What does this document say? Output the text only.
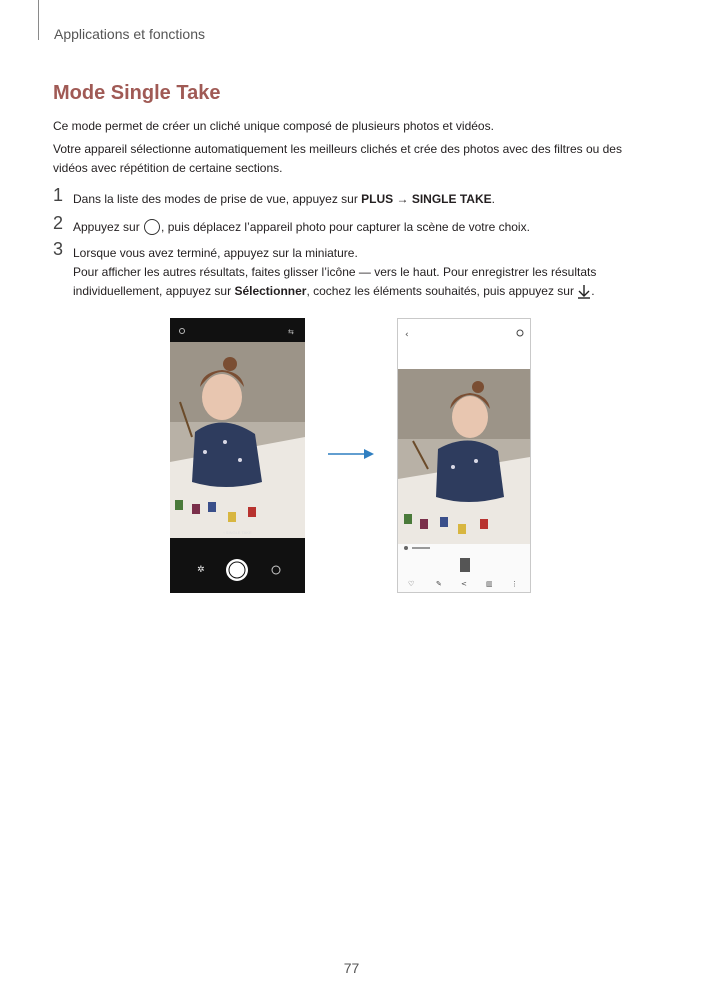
Applications et fonctions
Mode Single Take
Ce mode permet de créer un cliché unique composé de plusieurs photos et vidéos.
Votre appareil sélectionne automatiquement les meilleurs clichés et crée des photos avec des filtres ou des vidéos avec répétition de certaine sections.
1 Dans la liste des modes de prise de vue, appuyez sur PLUS → SINGLE TAKE.
2 Appuyez sur , puis déplacez l’appareil photo pour capturer la scène de votre choix.
3 Lorsque vous avez terminé, appuyez sur la miniature.
Pour afficher les autres résultats, faites glisser l’icône — vers le haut. Pour enregistrer les résultats individuellement, appuyez sur Sélectionner, cochez les éléments souhaités, puis appuyez sur .
⇆
‹ SINGLE TAKE
✲
‹
♡	✎	<	▥	⋮
77
